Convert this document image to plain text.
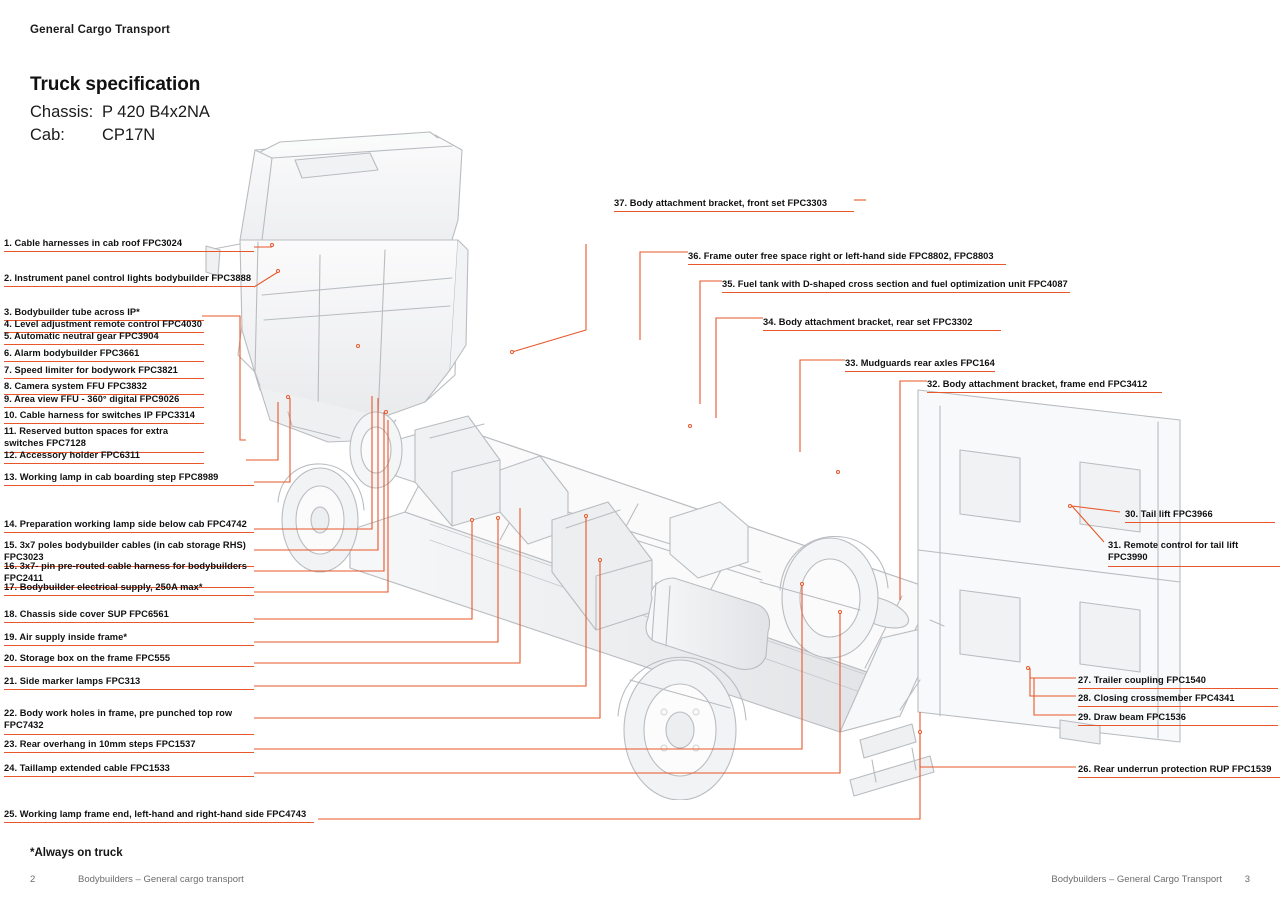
General Cargo Transport
Truck specification
Chassis: P 420 B4x2NA
Cab: CP17N
1. Cable harnesses in cab roof FPC3024
2. Instrument panel control lights bodybuilder FPC3888
3. Bodybuilder tube across IP*
4. Level adjustment remote control FPC4030
5. Automatic neutral gear FPC3904
6. Alarm bodybuilder FPC3661
7. Speed limiter for bodywork FPC3821
8. Camera system FFU FPC3832
9. Area view FFU - 360° digital FPC9026
10. Cable harness for switches IP FPC3314
11. Reserved button spaces for extra switches FPC7128
12. Accessory holder FPC6311
13. Working lamp in cab boarding step FPC8989
14. Preparation working lamp side below cab FPC4742
15. 3x7 poles bodybuilder cables (in cab storage RHS) FPC3023
16. 3x7- pin pre-routed cable harness for bodybuilders FPC2411
17. Bodybuilder electrical supply, 250A max*
18. Chassis side cover SUP FPC6561
19. Air supply inside frame*
20. Storage box on the frame FPC555
21. Side marker lamps FPC313
22. Body work holes in frame, pre punched top row FPC7432
23. Rear overhang in 10mm steps FPC1537
24. Taillamp extended cable FPC1533
25. Working lamp frame end, left-hand and right-hand side FPC4743
37. Body attachment bracket, front set FPC3303
36. Frame outer free space right or left-hand side FPC8802, FPC8803
35. Fuel tank with D-shaped cross section and fuel optimization unit FPC4087
34. Body attachment bracket, rear set FPC3302
33. Mudguards rear axles FPC164
32. Body attachment bracket, frame end FPC3412
30. Tail lift FPC3966
31. Remote control for tail lift FPC3990
27. Trailer coupling FPC1540
28. Closing crossmember FPC4341
29. Draw beam FPC1536
26. Rear underrun protection RUP FPC1539
*Always on truck
2	Bodybuilders – General cargo transport	Bodybuilders – General Cargo Transport 3
